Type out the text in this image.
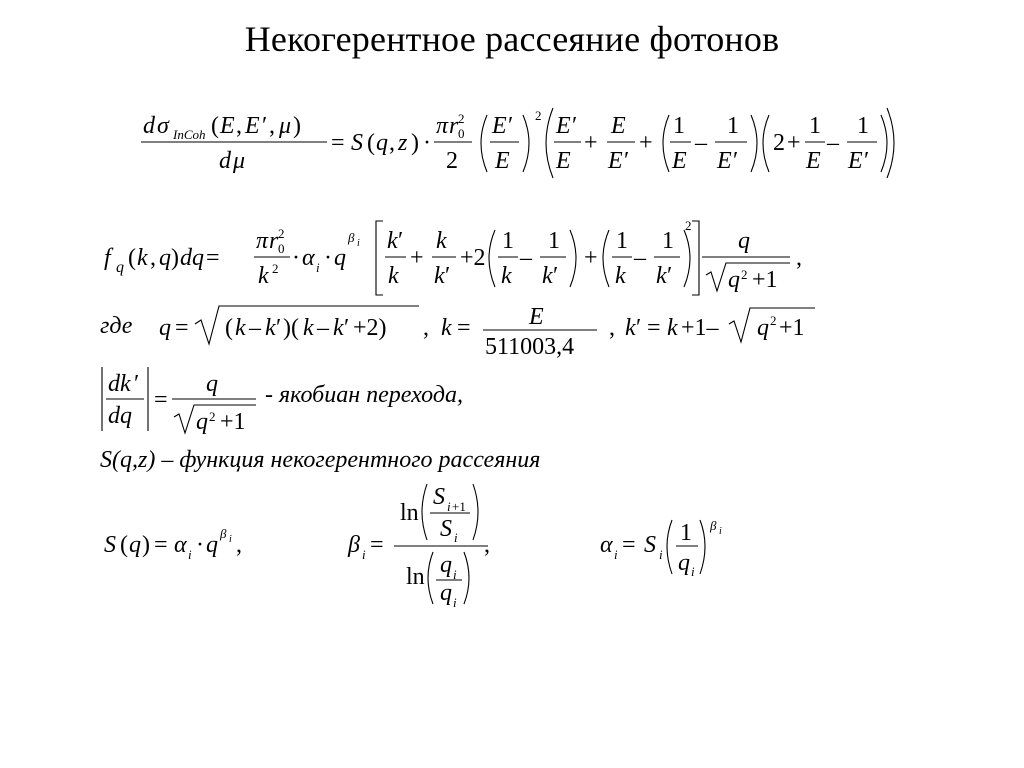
Некогерентное рассеяние фотонов
d σ InCoh ( E , E ′ , μ )
d μ
= S ( q , z ) ·
π r 2
0
2
E ′
E
2 E ′
E
+
E
E ′
+
1
E
–
1
E ′
2 +
1
E
–
1
E ′
f q ( k , q ) dq =
π r 2
0
k 2 · α i · q
β i k ′
k
+
k
k ′
+2
1
k
–
1
k ′
+
1
k
–
1
k ′
2
q
q 2 +1
,
где q = ( k – k ′ )( k – k ′ +2) , k = E
511003,4
, k ′ = k +1– q 2 +1
dk ′
dq
=
q
q 2 +1
- якобиан перехода,
S(q,z) – функция некогерентного рассеяния
S ( q ) = α i · q β i ,	β i =
ln
S i +1
S i
ln q i
q i
,	α i = S i
1
q i
β i
